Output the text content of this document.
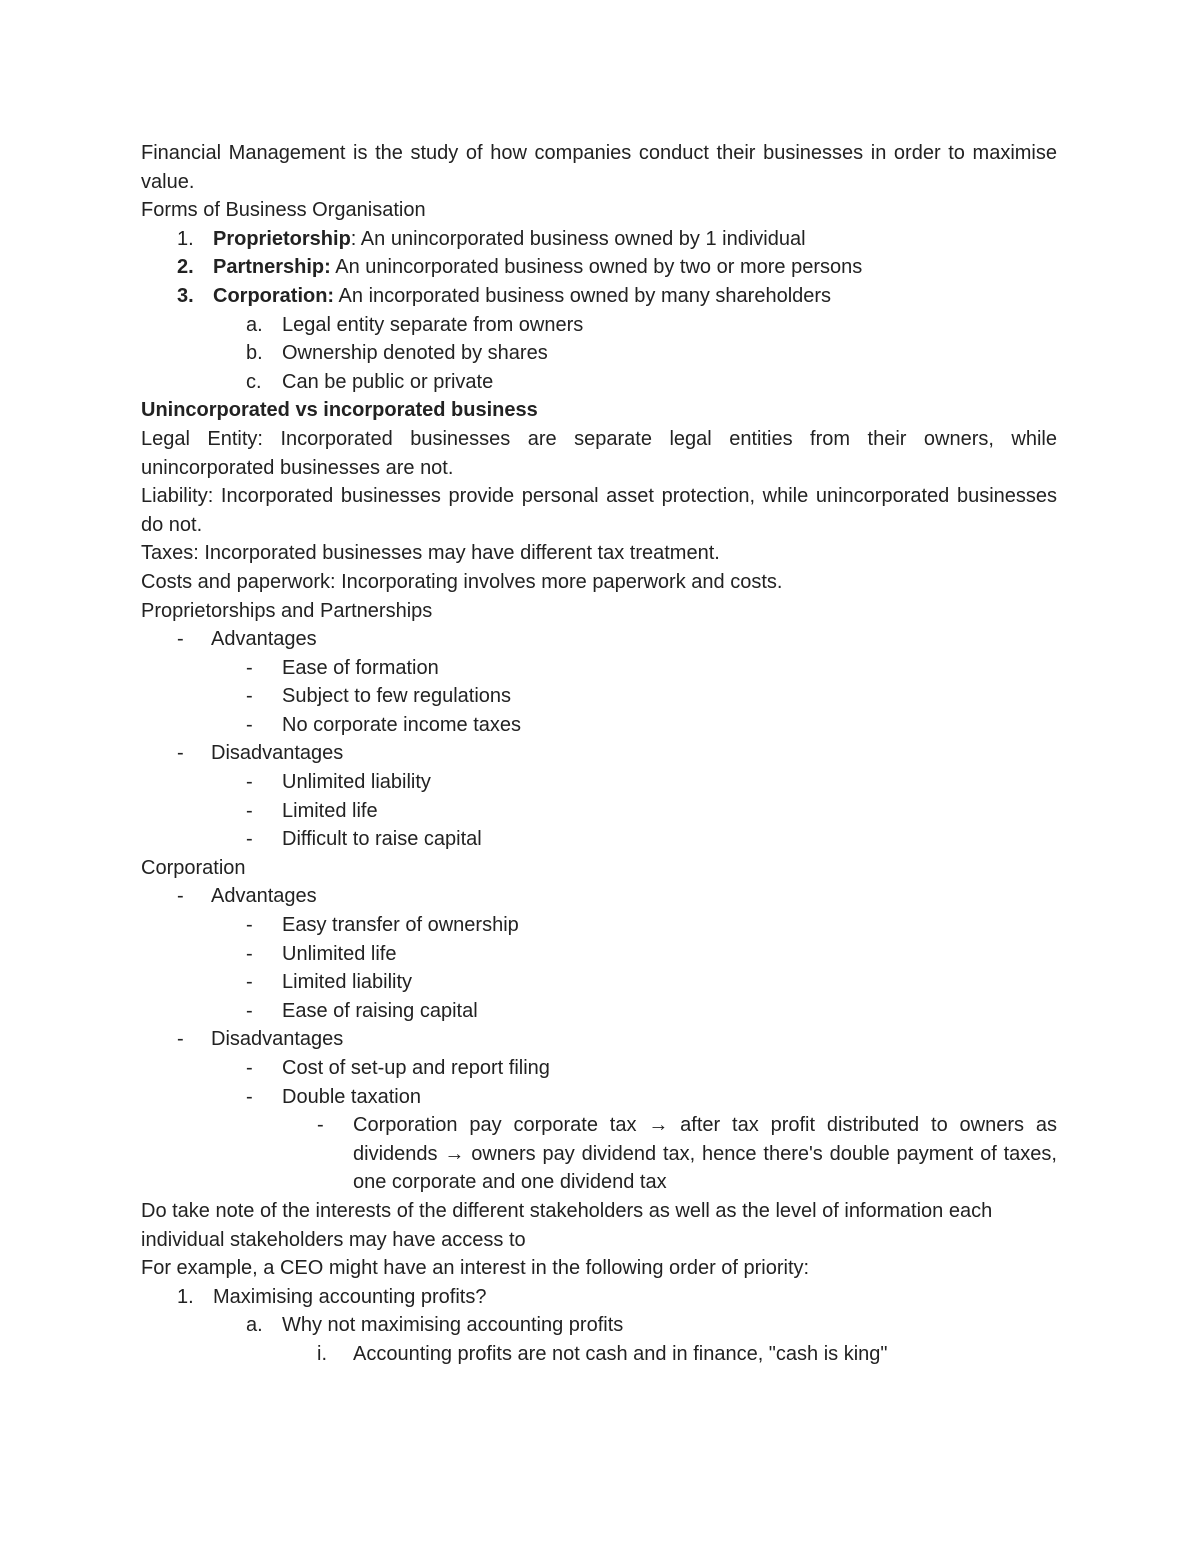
Financial Management is the study of how companies conduct their businesses in order to maximise value.

Forms of Business Organisation

1. Proprietorship: An unincorporated business owned by 1 individual
2. Partnership: An unincorporated business owned by two or more persons
3. Corporation: An incorporated business owned by many shareholders
a. Legal entity separate from owners
b. Ownership denoted by shares
c.	Can be public or private

Unincorporated vs incorporated business

Legal Entity: Incorporated businesses are separate legal entities from their owners, while unincorporated businesses are not.

Liability: Incorporated businesses provide personal asset protection, while unincorporated businesses do not.

Taxes: Incorporated businesses may have different tax treatment.

Costs and paperwork: Incorporating involves more paperwork and costs.

Proprietorships and Partnerships

-	Advantages
-	Ease of formation
-	Subject to few regulations
-	No corporate income taxes
-	Disadvantages
-	Unlimited liability
-	Limited life
-	Difficult to raise capital

Corporation

-	Advantages
-	Easy transfer of ownership
-	Unlimited life
-	Limited liability
-	Ease of raising capital
-	Disadvantages
-	Cost of set-up and report filing
-	Double taxation
-	Corporation pay corporate tax → after tax profit distributed to owners as dividends → owners pay dividend tax, hence there's double payment of taxes, one corporate and one dividend tax

Do take note of the interests of the different stakeholders as well as the level of information each individual stakeholders may have access to

For example, a CEO might have an interest in the following order of priority:

1. Maximising accounting profits?
a. Why not maximising accounting profits
i.	Accounting profits are not cash and in finance, "cash is king"
